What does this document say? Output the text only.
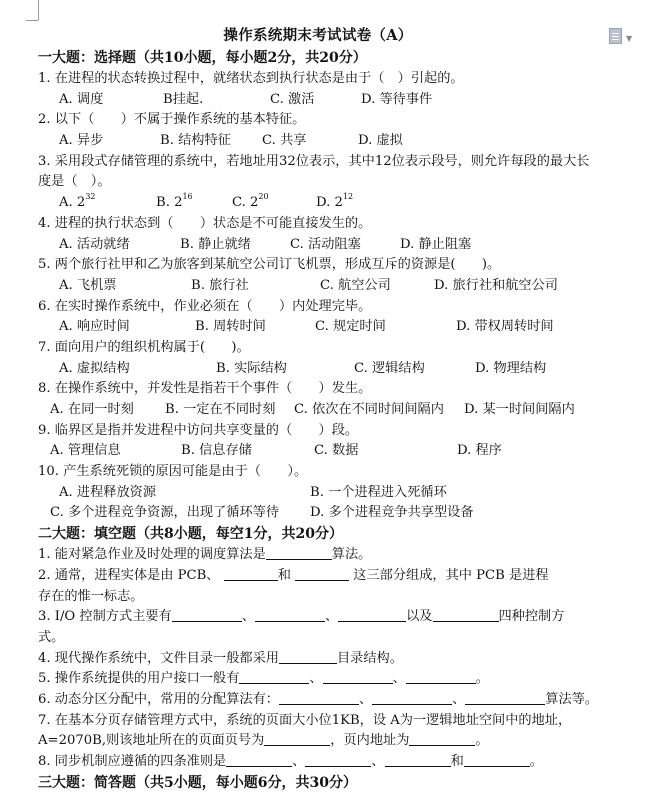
▼
操作系统期末考试试卷（A）
一大题：选择题（共10小题，每小题2分，共20分）
1. 在进程的状态转换过程中，就绪状态到执行状态是由于（　）引起的。
A. 调度	B挂起.	C. 激活	D. 等待事件
2. 以下（　　）不属于操作系统的基本特征。
A. 异步	B. 结构特征 C. 共享	D. 虚拟
3. 采用段式存储管理的系统中，若地址用32位表示，其中12位表示段号，则允许每段的最大长度是（　）。
A. $2^{32}$	B. $2^{16}$	C. $2^{20}$	D. $2^{12}$
4. 进程的执行状态到（　　）状态是不可能直接发生的。
A. 活动就绪	B. 静止就绪	C. 活动阻塞	D. 静止阻塞
5. 两个旅行社甲和乙为旅客到某航空公司订飞机票，形成互斥的资源是(　　)。
A. 飞机票	B. 旅行社	C. 航空公司	D. 旅行社和航空公司
6. 在实时操作系统中，作业必须在（　　）内处理完毕。
A. 响应时间	B. 周转时间	C. 规定时间	D. 带权周转时间
7. 面向用户的组织机构属于(　　)。
A. 虚拟结构	B. 实际结构	C. 逻辑结构	D. 物理结构
8. 在操作系统中，并发性是指若干个事件（　　）发生。
A. 在同一时刻 B. 一定在不同时刻 C. 依次在不同时间间隔内 D. 某一时间间隔内
9. 临界区是指并发进程中访问共享变量的（　　）段。
A. 管理信息	B. 信息存储	C. 数据	D. 程序
10. 产生系统死锁的原因可能是由于（　　）。
A. 进程释放资源	B. 一个进程进入死循环
C. 多个进程竞争资源，出现了循环等待 D. 多个进程竞争共享型设备
二大题：填空题（共8小题，每空1分，共20分）
1. 能对紧急作业及时处理的调度算法是	算法。
2. 通常，进程实体是由 PCB、	和	这三部分组成，其中 PCB 是进程
存在的惟一标志。
3. I/O 控制方式主要有	、	、	以及	四种控制方
式。
4. 现代操作系统中，文件目录一般都采用	目录结构。
5. 操作系统提供的用户接口一般有	、	、	。
6. 动态分区分配中，常用的分配算法有：	、	、	算法等。
7. 在基本分页存储管理方式中，系统的页面大小位1KB，设 A为一逻辑地址空间中的地址，
A=2070B,则该地址所在的页面页号为	，页内地址为	。
8. 同步机制应遵循的四条准则是	、	、	和	。
三大题：简答题（共5小题，每小题6分，共30分）
